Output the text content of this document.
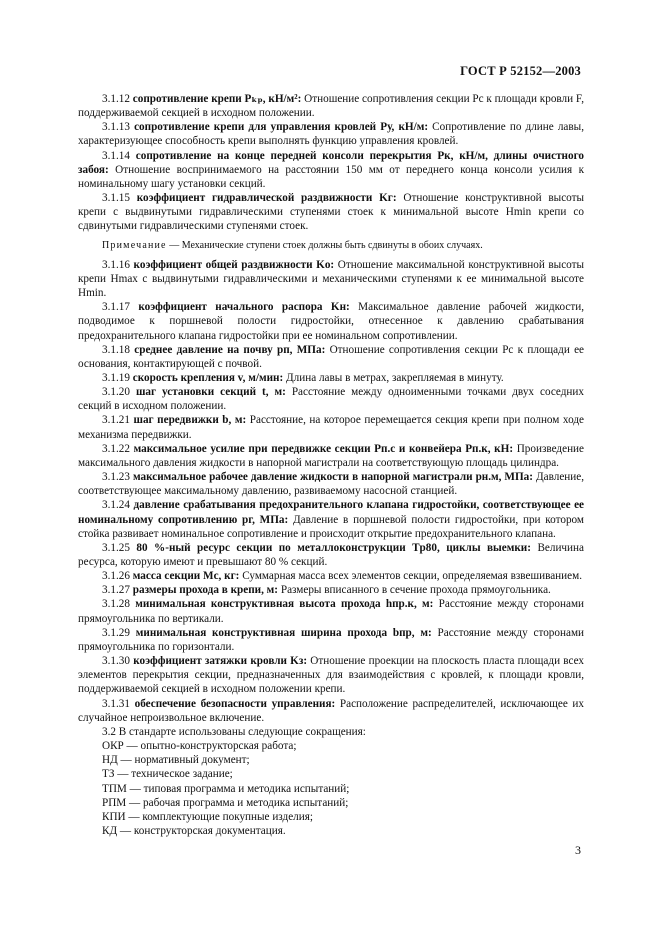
ГОСТ Р 52152—2003

3.1.12 сопротивление крепи Pₖₚ, кН/м²: Отношение сопротивления секции Pс к площади кровли F, поддерживаемой секцией в исходном положении.

3.1.13 сопротивление крепи для управления кровлей Pу, кН/м: Сопротивление по длине лавы, характеризующее способность крепи выполнять функцию управления кровлей.

3.1.14 сопротивление на конце передней консоли перекрытия Pк, кН/м, длины очистного забоя: Отношение воспринимаемого на расстоянии 150 мм от переднего конца консоли усилия к номинальному шагу установки секций.

3.1.15 коэффициент гидравлической раздвижности Kг: Отношение конструктивной высоты крепи с выдвинутыми гидравлическими ступенями стоек к минимальной высоте Hmin крепи со сдвинутыми гидравлическими ступенями стоек.

Примечание — Механические ступени стоек должны быть сдвинуты в обоих случаях.

3.1.16 коэффициент общей раздвижности Kо: Отношение максимальной конструктивной высоты крепи Hmax с выдвинутыми гидравлическими и механическими ступенями к ее минимальной высоте Hmin.

3.1.17 коэффициент начального распора Kн: Максимальное давление рабочей жидкости, подводимое к поршневой полости гидростойки, отнесенное к давлению срабатывания предохранительного клапана гидростойки при ее номинальном сопротивлении.

3.1.18 среднее давление на почву pп, МПа: Отношение сопротивления секции Pс к площади ее основания, контактирующей с почвой.

3.1.19 скорость крепления v, м/мин: Длина лавы в метрах, закрепляемая в минуту.

3.1.20 шаг установки секций t, м: Расстояние между одноименными точками двух соседних секций в исходном положении.

3.1.21 шаг передвижки b, м: Расстояние, на которое перемещается секция крепи при полном ходе механизма передвижки.

3.1.22 максимальное усилие при передвижке секции Pп.с и конвейера Pп.к, кН: Произведение максимального давления жидкости в напорной магистрали на соответствующую площадь цилиндра.

3.1.23 максимальное рабочее давление жидкости в напорной магистрали pн.м, МПа: Давление, соответствующее максимальному давлению, развиваемому насосной станцией.

3.1.24 давление срабатывания предохранительного клапана гидростойки, соответствующее ее номинальному сопротивлению pг, МПа: Давление в поршневой полости гидростойки, при котором стойка развивает номинальное сопротивление и происходит открытие предохранительного клапана.

3.1.25 80 %-ный ресурс секции по металлоконструкции Tр80, циклы выемки: Величина ресурса, которую имеют и превышают 80 % секций.

3.1.26 масса секции Mс, кг: Суммарная масса всех элементов секции, определяемая взвешиванием.

3.1.27 размеры прохода в крепи, м: Размеры вписанного в сечение прохода прямоугольника.

3.1.28 минимальная конструктивная высота прохода hпр.к, м: Расстояние между сторонами прямоугольника по вертикали.

3.1.29 минимальная конструктивная ширина прохода bпр, м: Расстояние между сторонами прямоугольника по горизонтали.

3.1.30 коэффициент затяжки кровли Kз: Отношение проекции на плоскость пласта площади всех элементов перекрытия секции, предназначенных для взаимодействия с кровлей, к площади кровли, поддерживаемой секцией в исходном положении крепи.

3.1.31 обеспечение безопасности управления: Расположение распределителей, исключающее их случайное непроизвольное включение.

3.2 В стандарте использованы следующие сокращения:

ОКР — опытно-конструкторская работа;

НД — нормативный документ;

ТЗ — техническое задание;

ТПМ — типовая программа и методика испытаний;

РПМ — рабочая программа и методика испытаний;

КПИ — комплектующие покупные изделия;

КД — конструкторская документация.

3
